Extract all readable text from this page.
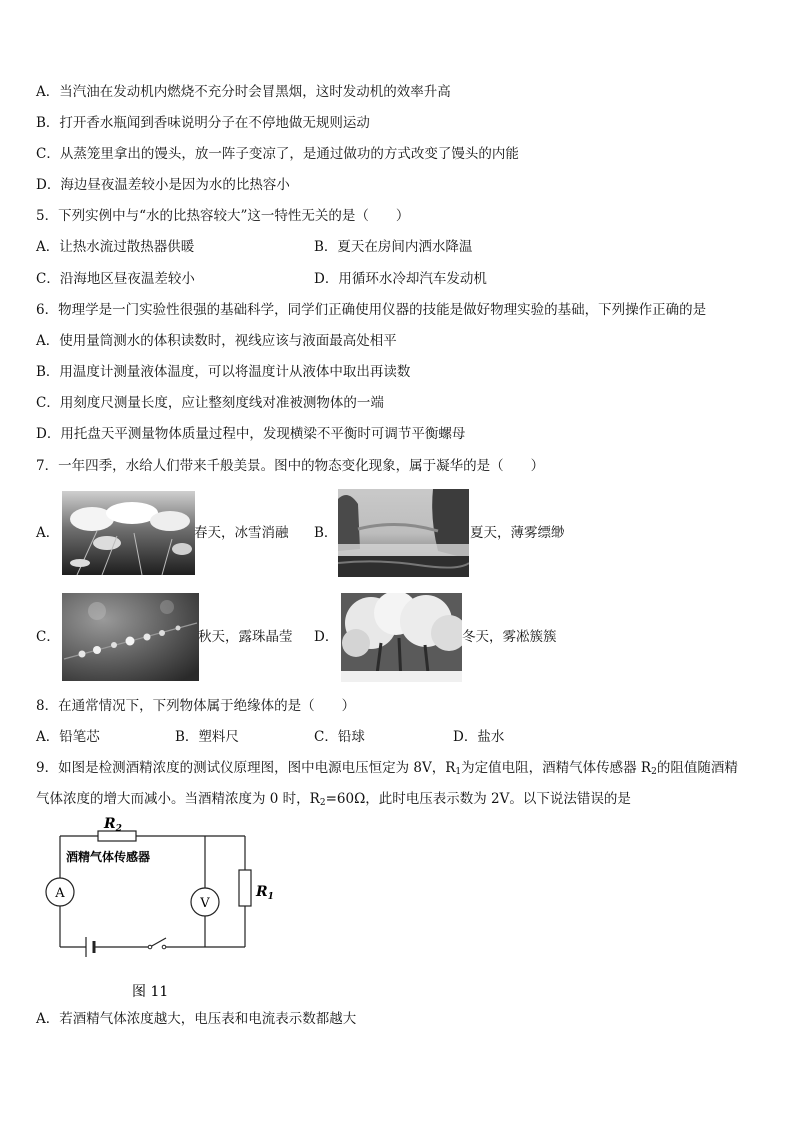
A．当汽油在发动机内燃烧不充分时会冒黑烟，这时发动机的效率升高
B．打开香水瓶闻到香味说明分子在不停地做无规则运动
C．从蒸笼里拿出的馒头，放一阵子变凉了，是通过做功的方式改变了馒头的内能
D．海边昼夜温差较小是因为水的比热容小
5．下列实例中与“水的比热容较大”这一特性无关的是（　　）
A．让热水流过散热器供暖	B．夏天在房间内洒水降温
C．沿海地区昼夜温差较小	D．用循环水冷却汽车发动机
6．物理学是一门实验性很强的基础科学，同学们正确使用仪器的技能是做好物理实验的基础，下列操作正确的是
A．使用量筒测水的体积读数时，视线应该与液面最高处相平
B．用温度计测量液体温度，可以将温度计从液体中取出再读数
C．用刻度尺测量长度，应让整刻度线对准被测物体的一端
D．用托盘天平测量物体质量过程中，发现横梁不平衡时可调节平衡螺母
7．一年四季，水给人们带来千般美景。图中的物态变化现象，属于凝华的是（　　）
A．	春天，冰雪消融 B．	夏天，薄雾缥缈
C．	秋天，露珠晶莹 D．	冬天，雾凇簇簇
8．在通常情况下，下列物体属于绝缘体的是（　　）
A．铅笔芯	B．塑料尺	C．铅球	D．盐水
9．如图是检测酒精浓度的测试仪原理图，图中电源电压恒定为 8V，$R_1$为定值电阻，酒精气体传感器 $R_2$的阻值随酒精
气体浓度的增大而减小。当酒精浓度为 0 时，$R_2=60\Omega$，此时电压表示数为 2V。以下说法错误的是
A
V
$R_2$
酒精气体传感器
$R_1$
图 11
A．若酒精气体浓度越大，电压表和电流表示数都越大
